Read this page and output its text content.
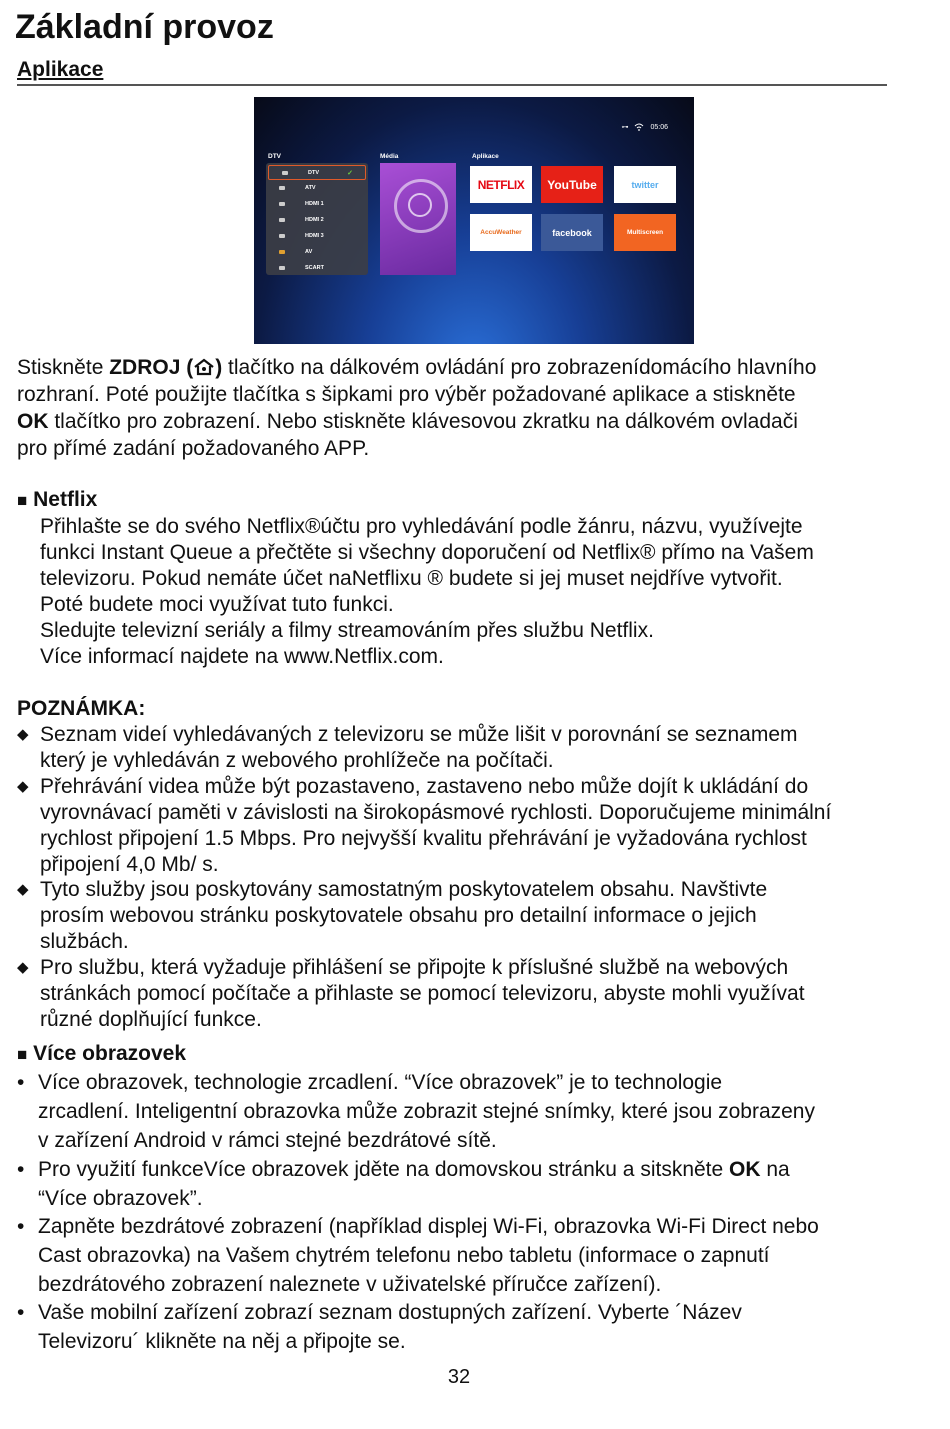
Základní provoz
Aplikace
⊶	05:06
DTV	Média	Aplikace
DTV	✓
ATV
HDMI 1
HDMI 2
HDMI 3
AV
SCART
NETFLIX	YouTube	twitter
AccuWeather	facebook	Multiscreen
Stiskněte ZDROJ ( ) tlačítko na dálkovém ovládání pro zobrazenídomácího hlavního
rozhraní. Poté použijte tlačítka s šipkami pro výběr požadované aplikace a stiskněte
OK tlačítko pro zobrazení. Nebo stiskněte klávesovou zkratku na dálkovém ovladači
pro přímé zadání požadovaného APP.
■ Netflix
Přihlašte se do svého Netflix®účtu pro vyhledávání podle žánru, názvu, využívejte
funkci Instant Queue a přečtěte si všechny doporučení od Netflix® přímo na Vašem
televizoru. Pokud nemáte účet naNetflixu ® budete si jej muset nejdříve vytvořit.
Poté budete moci využívat tuto funkci.
Sledujte televizní seriály a filmy streamováním přes službu Netflix.
Více informací najdete na www.Netflix.com.
POZNÁMKA:
◆ Seznam videí vyhledávaných z televizoru se může lišit v porovnání se seznamem
který je vyhledáván z webového prohlížeče na počítači.
◆ Přehrávání videa může být pozastaveno, zastaveno nebo může dojít k ukládání do
vyrovnávací paměti v závislosti na širokopásmové rychlosti. Doporučujeme minimální
rychlost připojení 1.5 Mbps. Pro nejvyšší kvalitu přehrávání je vyžadována rychlost
připojení 4,0 Mb/ s.
◆ Tyto služby jsou poskytovány samostatným poskytovatelem obsahu. Navštivte
prosím webovou stránku poskytovatele obsahu pro detailní informace o jejich
službách.
◆ Pro službu, která vyžaduje přihlášení se připojte k příslušné službě na webových
stránkách pomocí počítače a přihlaste se pomocí televizoru, abyste mohli využívat
různé doplňující funkce.
■ Více obrazovek
• Více obrazovek, technologie zrcadlení. “Více obrazovek” je to technologie
zrcadlení. Inteligentní obrazovka může zobrazit stejné snímky, které jsou zobrazeny
v zařízení Android v rámci stejné bezdrátové sítě.
• Pro využití funkceVíce obrazovek jděte na domovskou stránku a sitskněte OK na
“Více obrazovek”.
• Zapněte bezdrátové zobrazení (například displej Wi-Fi, obrazovka Wi-Fi Direct nebo
Cast obrazovka) na Vašem chytrém telefonu nebo tabletu (informace o zapnutí
bezdrátového zobrazení naleznete v uživatelské příručce zařízení).
• Vaše mobilní zařízení zobrazí seznam dostupných zařízení. Vyberte ´Název
Televizoru´ klikněte na něj a připojte se.
32
